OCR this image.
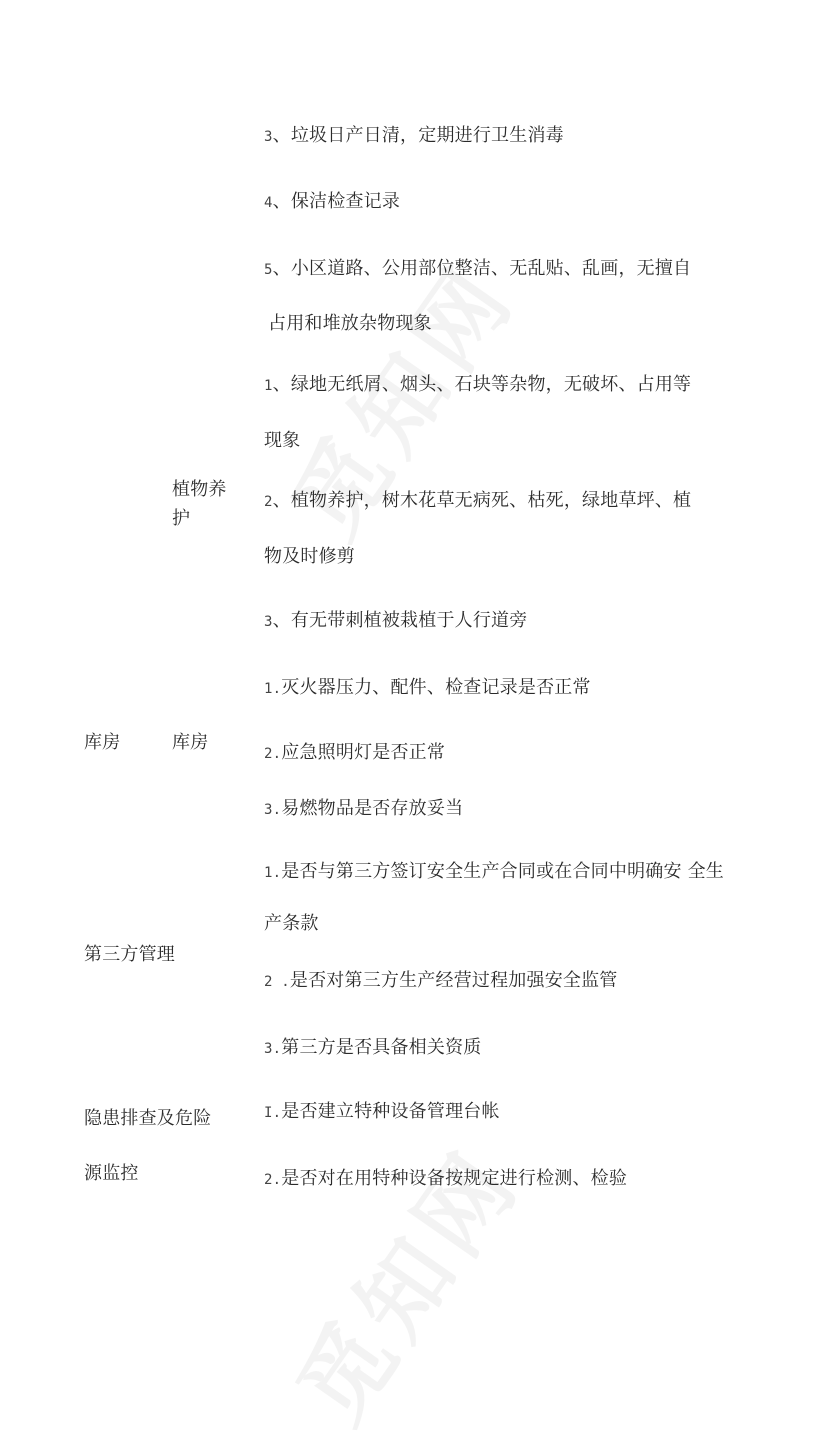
3、垃圾日产日清，定期进行卫生消毒
4、保洁检查记录
5、小区道路、公用部位整洁、无乱贴、乱画，无擅自
占用和堆放杂物现象
植物养
护
1、绿地无纸屑、烟头、石块等杂物，无破坏、占用等
现象
2、植物养护，树木花草无病死、枯死，绿地草坪、植
物及时修剪
3、有无带刺植被栽植于人行道旁
库房	库房
1.灭火器压力、配件、检查记录是否正常
2.应急照明灯是否正常
3.易燃物品是否存放妥当
第三方管理
1.是否与第三方签订安全生产合同或在合同中明确安 全生
产条款
2 .是否对第三方生产经营过程加强安全监管
3.第三方是否具备相关资质
隐患排查及危险
源监控
I.是否建立特种设备管理台帐
2.是否对在用特种设备按规定进行检测、检验
